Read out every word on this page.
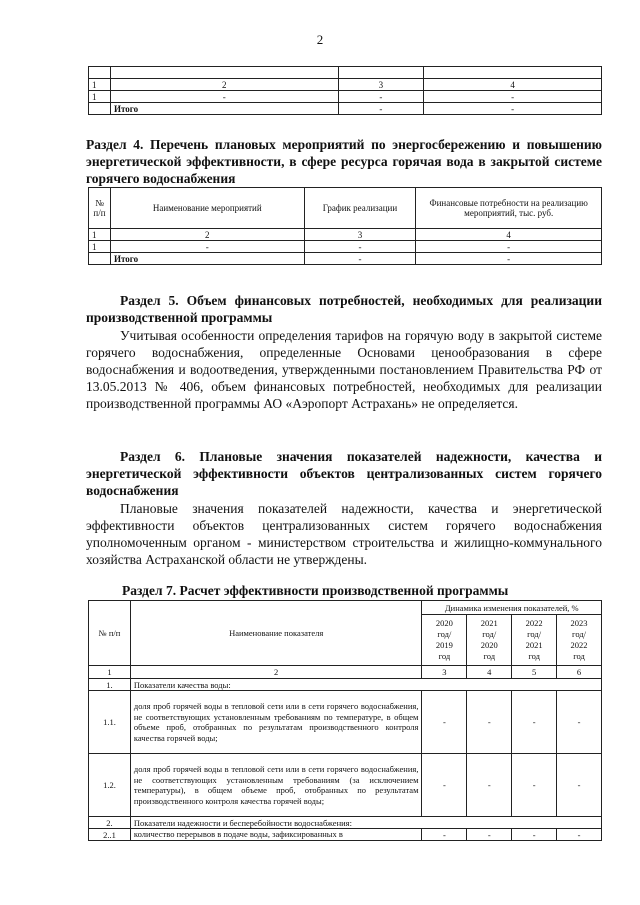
2

1	2	3	4
1	-	-	-
	Итого	-	-
Раздел 4. Перечень плановых мероприятий по энергосбережению и повышению энергетической эффективности, в сфере ресурса горячая вода в закрытой системе горячего водоснабжения
№ п/п	Наименование мероприятий	График реализации	Финансовые потребности на реализацию мероприятий, тыс. руб.
1	2	3	4
1	-	-	-
	Итого	-	-
Раздел 5. Объем финансовых потребностей, необходимых для реализации производственной программы
Учитывая особенности определения тарифов на горячую воду в закрытой системе горячего водоснабжения, определенные Основами ценообразования в сфере водоснабжения и водоотведения, утвержденными постановлением Правительства РФ от 13.05.2013 № 406, объем финансовых потребностей, необходимых для реализации производственной программы АО «Аэропорт Астрахань» не определяется.
Раздел 6. Плановые значения показателей надежности, качества и энергетической эффективности объектов централизованных систем горячего водоснабжения
Плановые значения показателей надежности, качества и энергетической эффективности объектов централизованных систем горячего водоснабжения уполномоченным органом - министерством строительства и жилищно-коммунального хозяйства Астраханской области не утверждены.
Раздел 7. Расчет эффективности производственной программы
№ п/п	Наименование показателя	Динамика изменения показателей, %			
		2020
год/
2019
год	2021
год/
2020
год	2022
год/
2021
год	2023
год/
2022
год
1	2	3	4	5	6
1.	Показатели качества воды:				
1.1.	доля проб горячей воды в тепловой сети или в сети горячего водоснабжения, не соответствующих установленным требованиям по температуре, в общем объеме проб, отобранных по результатам производственного контроля качества горячей воды;	-	-	-	-
1.2.	доля проб горячей воды в тепловой сети или в сети горячего водоснабжения, не соответствующих установленным требованиям (за исключением температуры), в общем объеме проб, отобранных по результатам производственного контроля качества горячей воды;	-	-	-	-
2.	Показатели надежности и бесперебойности водоснабжения:				
2..1	количество перерывов в подаче воды, зафиксированных в	-	-	-	-
